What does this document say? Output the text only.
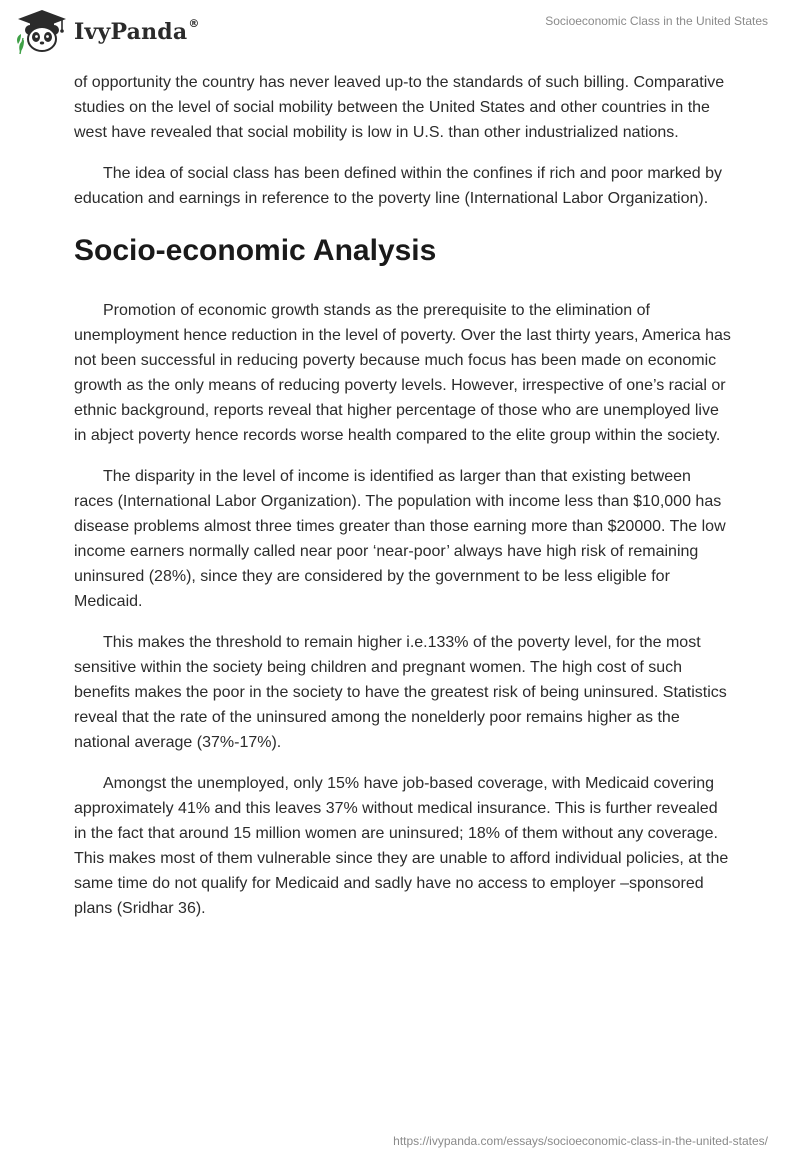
IvyPanda®	Socioeconomic Class in the United States

of opportunity the country has never leaved up-to the standards of such billing. Comparative studies on the level of social mobility between the United States and other countries in the west have revealed that social mobility is low in U.S. than other industrialized nations.

The idea of social class has been defined within the confines if rich and poor marked by education and earnings in reference to the poverty line (International Labor Organization).

Socio-economic Analysis

Promotion of economic growth stands as the prerequisite to the elimination of unemployment hence reduction in the level of poverty. Over the last thirty years, America has not been successful in reducing poverty because much focus has been made on economic growth as the only means of reducing poverty levels. However, irrespective of one’s racial or ethnic background, reports reveal that higher percentage of those who are unemployed live in abject poverty hence records worse health compared to the elite group within the society.

The disparity in the level of income is identified as larger than that existing between races (International Labor Organization). The population with income less than $10,000 has disease problems almost three times greater than those earning more than $20000. The low income earners normally called near poor ‘near-poor’ always have high risk of remaining uninsured (28%), since they are considered by the government to be less eligible for Medicaid.

This makes the threshold to remain higher i.e.133% of the poverty level, for the most sensitive within the society being children and pregnant women. The high cost of such benefits makes the poor in the society to have the greatest risk of being uninsured. Statistics reveal that the rate of the uninsured among the nonelderly poor remains higher as the national average (37%-17%).

Amongst the unemployed, only 15% have job-based coverage, with Medicaid covering approximately 41% and this leaves 37% without medical insurance. This is further revealed in the fact that around 15 million women are uninsured; 18% of them without any coverage. This makes most of them vulnerable since they are unable to afford individual policies, at the same time do not qualify for Medicaid and sadly have no access to employer –sponsored plans (Sridhar 36).

https://ivypanda.com/essays/socioeconomic-class-in-the-united-states/
